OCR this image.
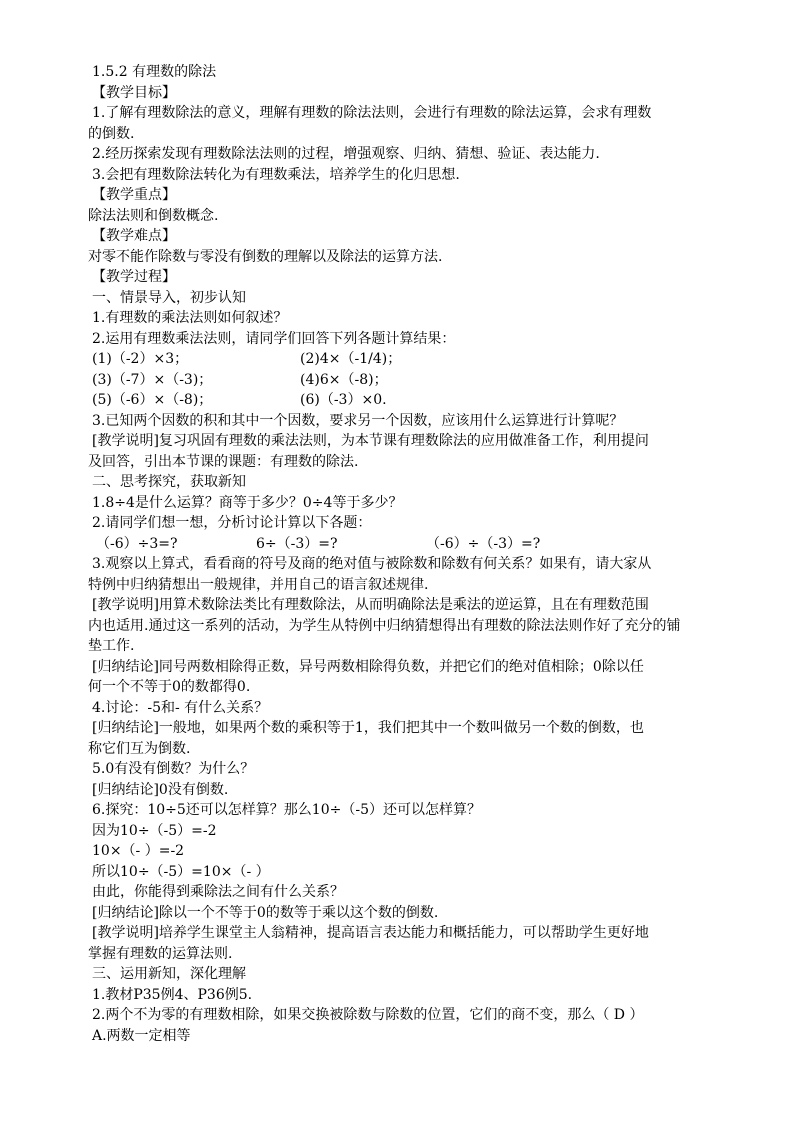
1.5.2 有理数的除法
【教学目标】
1.了解有理数除法的意义，理解有理数的除法法则，会进行有理数的除法运算，会求有理数
的倒数.
2.经历探索发现有理数除法法则的过程，增强观察、归纳、猜想、验证、表达能力.
3.会把有理数除法转化为有理数乘法，培养学生的化归思想.
【教学重点】
除法法则和倒数概念.
【教学难点】
对零不能作除数与零没有倒数的理解以及除法的运算方法.
【教学过程】
一、情景导入，初步认知
1.有理数的乘法法则如何叙述？
2.运用有理数乘法法则，请同学们回答下列各题计算结果：
(1)（-2）×3；	(2)4×（-1/4)；
(3)（-7）×（-3)；	(4)6×（-8)；
(5)（-6）×（-8)；	(6)（-3）×0.
3.已知两个因数的积和其中一个因数，要求另一个因数，应该用什么运算进行计算呢？
[教学说明]复习巩固有理数的乘法法则，为本节课有理数除法的应用做准备工作，利用提问
及回答，引出本节课的课题：有理数的除法.
二、思考探究，获取新知
1.8÷4是什么运算？商等于多少？0÷4等于多少？
2.请同学们想一想，分析讨论计算以下各题：
（-6）÷3=?	6÷（-3）=?	（-6）÷（-3）=?
3.观察以上算式，看看商的符号及商的绝对值与被除数和除数有何关系？如果有，请大家从
特例中归纳猜想出一般规律，并用自己的语言叙述规律.
[教学说明]用算术数除法类比有理数除法，从而明确除法是乘法的逆运算，且在有理数范围
内也适用.通过这一系列的活动，为学生从特例中归纳猜想得出有理数的除法法则作好了充分的铺
垫工作.
[归纳结论]同号两数相除得正数，异号两数相除得负数，并把它们的绝对值相除；0除以任
何一个不等于0的数都得0.
4.讨论：-5和- 有什么关系？
[归纳结论]一般地，如果两个数的乘积等于1，我们把其中一个数叫做另一个数的倒数，也
称它们互为倒数.
5.0有没有倒数？为什么？
[归纳结论]0没有倒数.
6.探究：10÷5还可以怎样算？那么10÷（-5）还可以怎样算？
因为10÷（-5）=-2
10×（- ）=-2
所以10÷（-5）=10×（- ）
由此，你能得到乘除法之间有什么关系？
[归纳结论]除以一个不等于0的数等于乘以这个数的倒数.
[教学说明]培养学生课堂主人翁精神，提高语言表达能力和概括能力，可以帮助学生更好地
掌握有理数的运算法则.
三、运用新知，深化理解
1.教材P35例4、P36例5.
2.两个不为零的有理数相除，如果交换被除数与除数的位置，它们的商不变，那么（ D ）
A.两数一定相等
